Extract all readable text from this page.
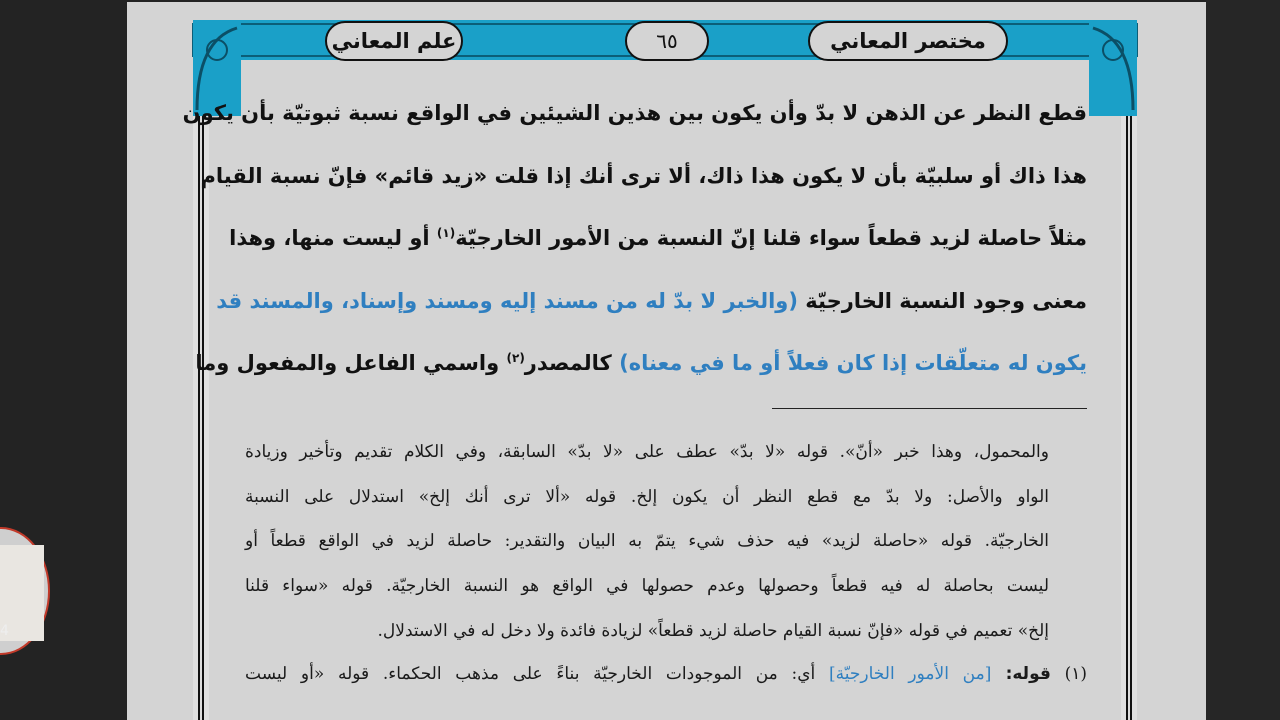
مختصر المعاني
٦٥
علم المعاني
قطع النظر عن الذهن لا بدّ وأن يكون بين هذين الشيئين في الواقع نسبة ثبوتيّة بأن يكون
هذا ذاك أو سلبيّة بأن لا يكون هذا ذاك، ألا ترى أنك إذا قلت «زيد قائم» فإنّ نسبة القيام
مثلاً حاصلة لزيد قطعاً سواء قلنا إنّ النسبة من الأمور الخارجيّة$^{(١)}$ أو ليست منها، وهذا
معنى وجود النسبة الخارجيّة (والخبر لا بدّ له من مسند إليه ومسند وإسناد، والمسند قد
يكون له متعلّقات إذا كان فعلاً أو ما في معناه) كالمصدر$^{(٢)}$ واسمي الفاعل والمفعول وما
والمحمول، وهذا خبر «أنّ». قوله «لا بدّ» عطف على «لا بدّ» السابقة، وفي الكلام تقديم وتأخير وزيادة
الواو والأصل: ولا بدّ مع قطع النظر أن يكون إلخ. قوله «ألا ترى أنك إلخ» استدلال على النسبة
الخارجيّة. قوله «حاصلة لزيد» فيه حذف شيء يتمّ به البيان والتقدير: حاصلة لزيد في الواقع قطعاً أو
ليست بحاصلة له فيه قطعاً وحصولها وعدم حصولها في الواقع هو النسبة الخارجيّة. قوله «سواء قلنا
إلخ» تعميم في قوله «فإنّ نسبة القيام حاصلة لزيد قطعاً» لزيادة فائدة ولا دخل له في الاستدلال.
(١) قوله: [من الأمور الخارجيّة] أي: من الموجودات الخارجيّة بناءً على مذهب الحكماء. قوله «أو ليست
4
